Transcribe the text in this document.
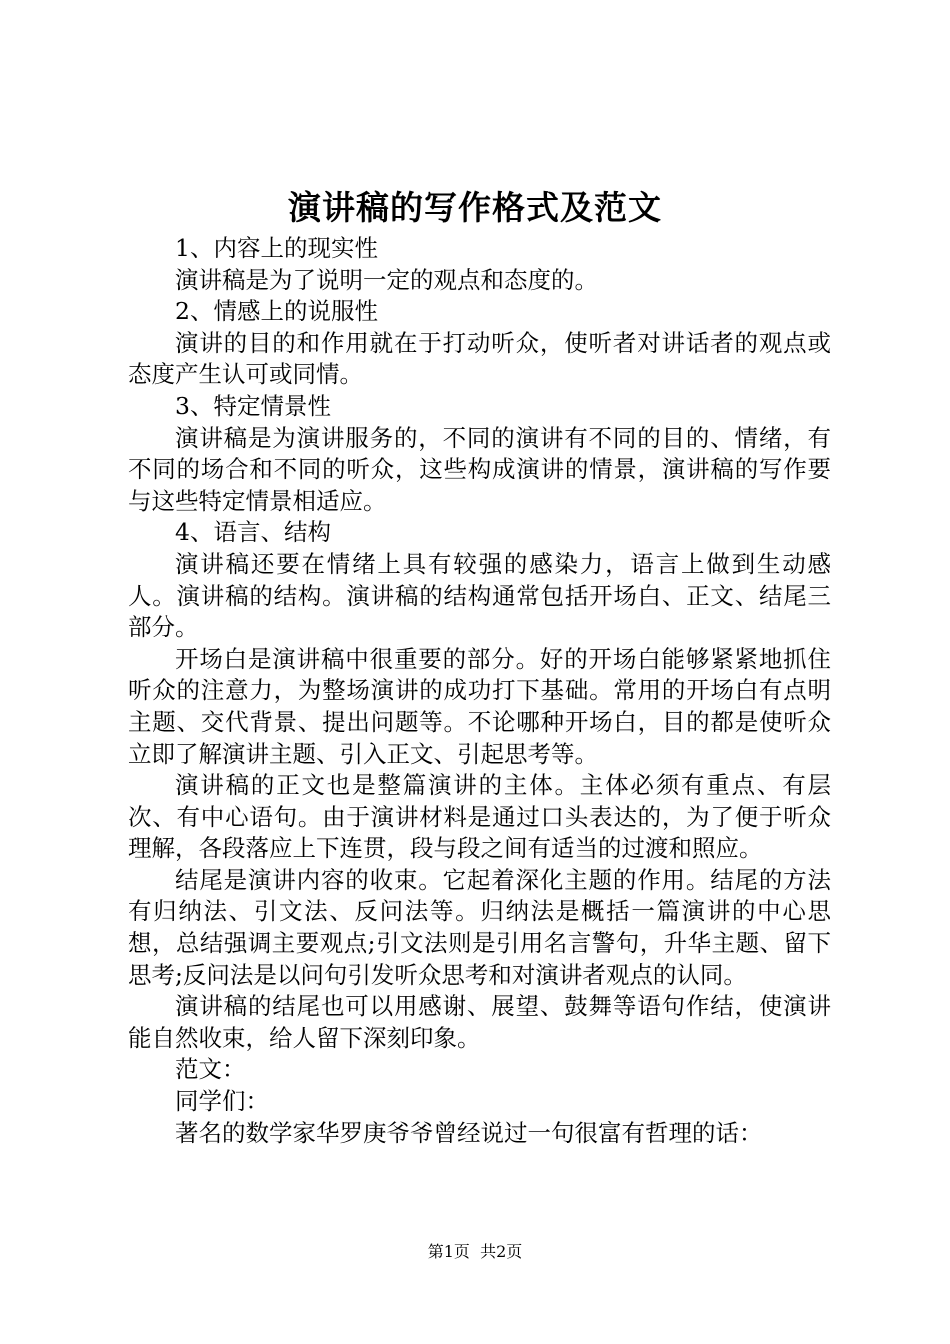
演讲稿的写作格式及范文

1、内容上的现实性

演讲稿是为了说明一定的观点和态度的。

2、情感上的说服性

演讲的目的和作用就在于打动听众，使听者对讲话者的观点或态度产生认可或同情。

3、特定情景性

演讲稿是为演讲服务的，不同的演讲有不同的目的、情绪，有不同的场合和不同的听众，这些构成演讲的情景，演讲稿的写作要与这些特定情景相适应。

4、语言、结构

演讲稿还要在情绪上具有较强的感染力，语言上做到生动感人。演讲稿的结构。演讲稿的结构通常包括开场白、正文、结尾三部分。

开场白是演讲稿中很重要的部分。好的开场白能够紧紧地抓住听众的注意力，为整场演讲的成功打下基础。常用的开场白有点明主题、交代背景、提出问题等。不论哪种开场白，目的都是使听众立即了解演讲主题、引入正文、引起思考等。

演讲稿的正文也是整篇演讲的主体。主体必须有重点、有层次、有中心语句。由于演讲材料是通过口头表达的，为了便于听众理解，各段落应上下连贯，段与段之间有适当的过渡和照应。

结尾是演讲内容的收束。它起着深化主题的作用。结尾的方法有归纳法、引文法、反问法等。归纳法是概括一篇演讲的中心思想，总结强调主要观点;引文法则是引用名言警句，升华主题、留下思考;反问法是以问句引发听众思考和对演讲者观点的认同。

演讲稿的结尾也可以用感谢、展望、鼓舞等语句作结，使演讲能自然收束，给人留下深刻印象。

范文：

同学们：

著名的数学家华罗庚爷爷曾经说过一句很富有哲理的话：

第1页  共2页
